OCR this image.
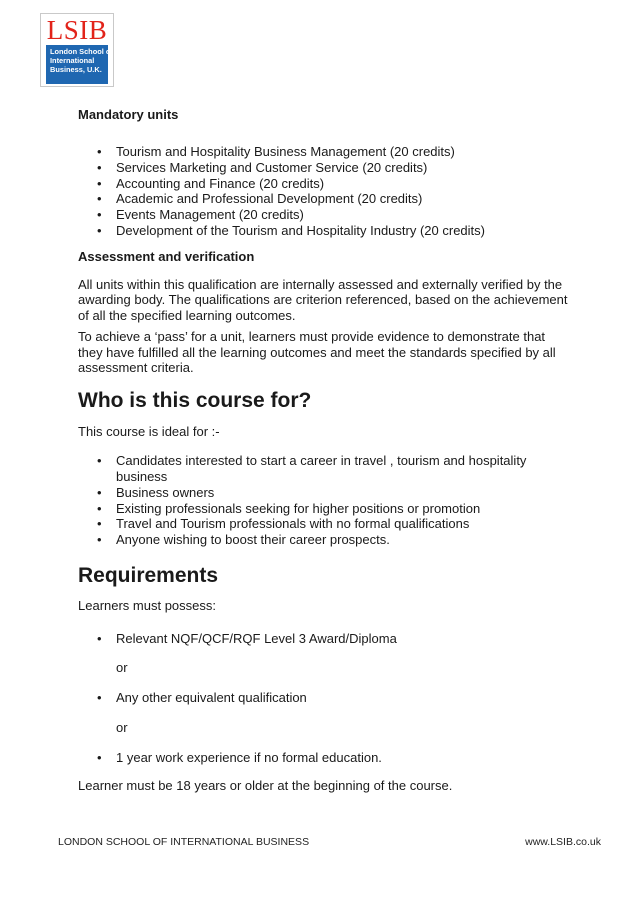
LSIB
London School of
International
Business, U.K.

Mandatory units

• Tourism and Hospitality Business Management (20 credits)
• Services Marketing and Customer Service (20 credits)
• Accounting and Finance (20 credits)
• Academic and Professional Development (20 credits)
• Events Management (20 credits)
• Development of the Tourism and Hospitality Industry (20 credits)

Assessment and verification

All units within this qualification are internally assessed and externally verified by the awarding body. The qualifications are criterion referenced, based on the achievement of all the specified learning outcomes.

To achieve a ‘pass’ for a unit, learners must provide evidence to demonstrate that they have fulfilled all the learning outcomes and meet the standards specified by all assessment criteria.

Who is this course for?

This course is ideal for :-

• Candidates interested to start a career in travel , tourism and hospitality business
• Business owners
• Existing professionals seeking for higher positions or promotion
• Travel and Tourism professionals with no formal qualifications
• Anyone wishing to boost their career prospects.

Requirements

Learners must possess:

• Relevant NQF/QCF/RQF Level 3 Award/Diploma
or
• Any other equivalent qualification
or
• 1 year work experience if no formal education.

Learner must be 18 years or older at the beginning of the course.

LONDON SCHOOL OF INTERNATIONAL BUSINESS	www.LSIB.co.uk
